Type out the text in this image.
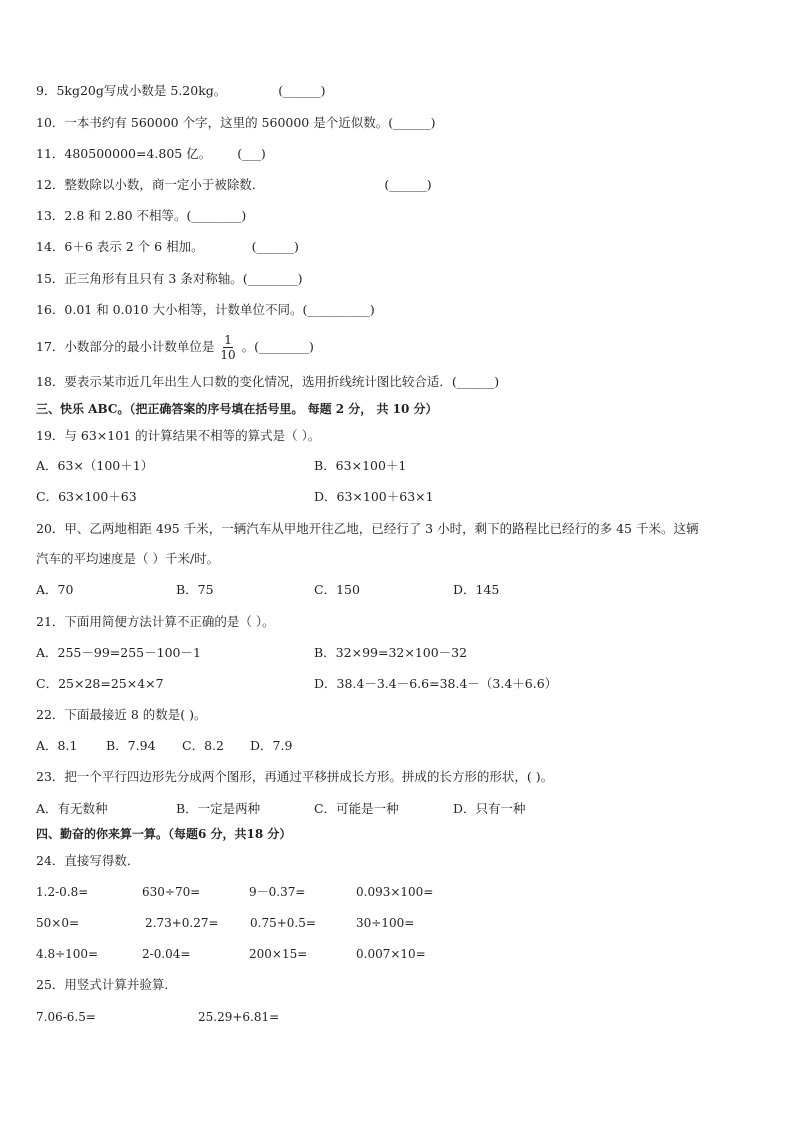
9．5kg20g写成小数是 5.20kg。	(______)
10．一本书约有 560000 个字，这里的 560000 是个近似数。(______)
11．480500000=4.805 亿。 (___)
12．整数除以小数，商一定小于被除数．	(______)
13．2.8 和 2.80 不相等。(________)
14．6＋6 表示 2 个 6 相加。	(______)
15．正三角形有且只有 3 条对称轴。(________)
16．0.01 和 0.010 大小相等，计数单位不同。(__________)
17．小数部分的最小计数单位是 $\frac{1}{10}$ 。(________)
18．要表示某市近几年出生人口数的变化情况，选用折线统计图比较合适．(______)
三、快乐 ABC。（把正确答案的序号填在括号里。 每题 2 分， 共 10 分）
19．与 63×101 的计算结果不相等的算式是（ ）。
A．63×（100＋1）	B．63×100＋1
C．63×100＋63	D．63×100＋63×1
20．甲、乙两地相距 495 千米，一辆汽车从甲地开往乙地，已经行了 3 小时，剩下的路程比已经行的多 45 千米。这辆
汽车的平均速度是（ ）千米/时。
A．70	B．75	C．150	D．145
21．下面用简便方法计算不正确的是（ ）。
A．255－99=255－100－1	B．32×99=32×100－32
C．25×28=25×4×7	D．38.4－3.4－6.6=38.4－（3.4＋6.6）
22．下面最接近 8 的数是( )。
A．8.1 B．7.94 C．8.2 D．7.9
23．把一个平行四边形先分成两个图形，再通过平移拼成长方形。拼成的长方形的形状，( )。
A．有无数种	B．一定是两种	C．可能是一种	D．只有一种
四、勤奋的你来算一算。（每题6 分，共18 分）
24．直接写得数．
1.2-0.8=	630÷70=	9－0.37=	0.093×100=
50×0=	2.73+0.27=	0.75+0.5=	30÷100=
4.8÷100=	2-0.04=	200×15=	0.007×10=
25．用竖式计算并验算．
7.06-6.5=	25.29+6.81=
